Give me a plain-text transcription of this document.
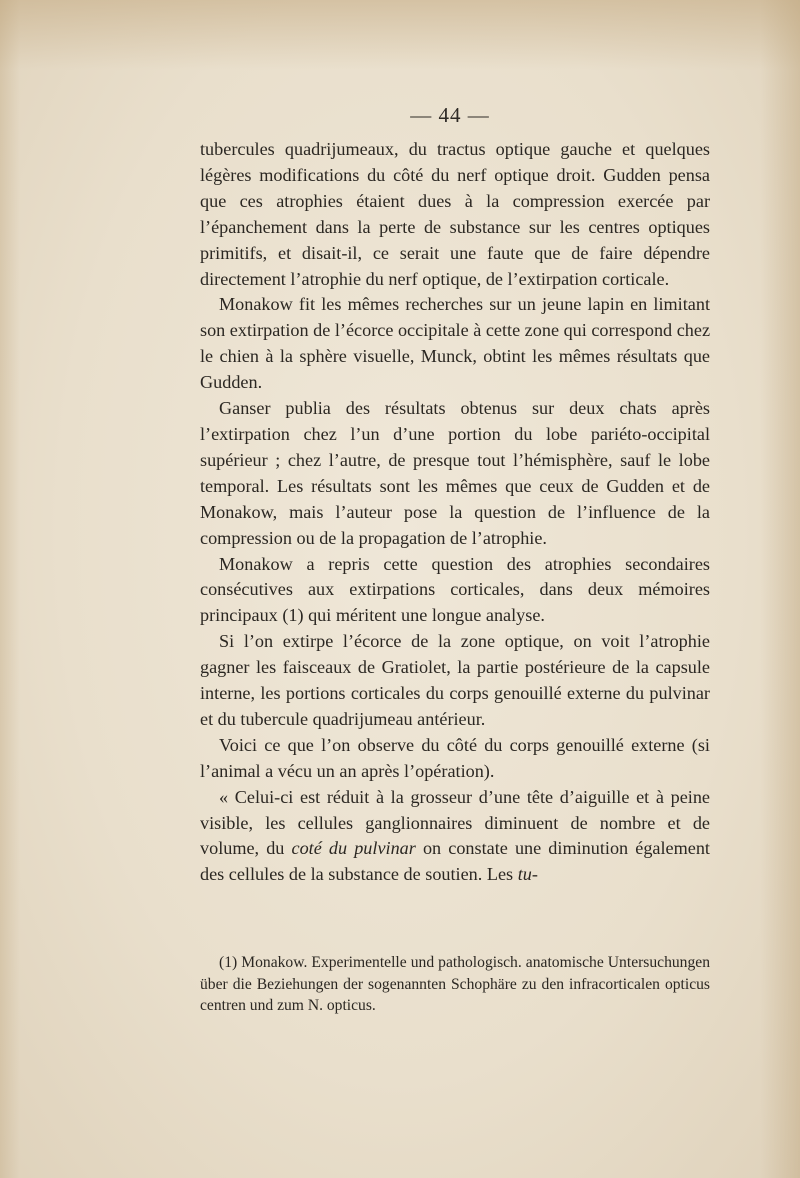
— 44 —

tubercules quadrijumeaux, du tractus optique gauche et quelques légères modifications du côté du nerf optique droit. Gudden pensa que ces atrophies étaient dues à la compression exercée par l’épanchement dans la perte de substance sur les centres optiques primitifs, et disait-il, ce serait une faute que de faire dépendre directement l’atrophie du nerf optique, de l’extirpation corticale.

Monakow fit les mêmes recherches sur un jeune lapin en limitant son extirpation de l’écorce occipitale à cette zone qui correspond chez le chien à la sphère visuelle, Munck, obtint les mêmes résultats que Gudden.

Ganser publia des résultats obtenus sur deux chats après l’extirpation chez l’un d’une portion du lobe pariéto-occipital supérieur ; chez l’autre, de presque tout l’hémisphère, sauf le lobe temporal. Les résultats sont les mêmes que ceux de Gudden et de Monakow, mais l’auteur pose la question de l’influence de la compression ou de la propagation de l’atrophie.

Monakow a repris cette question des atrophies secondaires consécutives aux extirpations corticales, dans deux mémoires principaux (1) qui méritent une longue analyse.

Si l’on extirpe l’écorce de la zone optique, on voit l’atrophie gagner les faisceaux de Gratiolet, la partie postérieure de la capsule interne, les portions corticales du corps genouillé externe du pulvinar et du tubercule quadrijumeau antérieur.

Voici ce que l’on observe du côté du corps genouillé externe (si l’animal a vécu un an après l’opération).

« Celui-ci est réduit à la grosseur d’une tête d’aiguille et à peine visible, les cellules ganglionnaires diminuent de nombre et de volume, du coté du pulvinar on constate une diminution également des cellules de la substance de soutien. Les tu-

(1) Monakow. Experimentelle und pathologisch. anatomische Untersuchungen über die Beziehungen der sogenannten Schophäre zu den infracorticalen opticus centren und zum N. opticus.
